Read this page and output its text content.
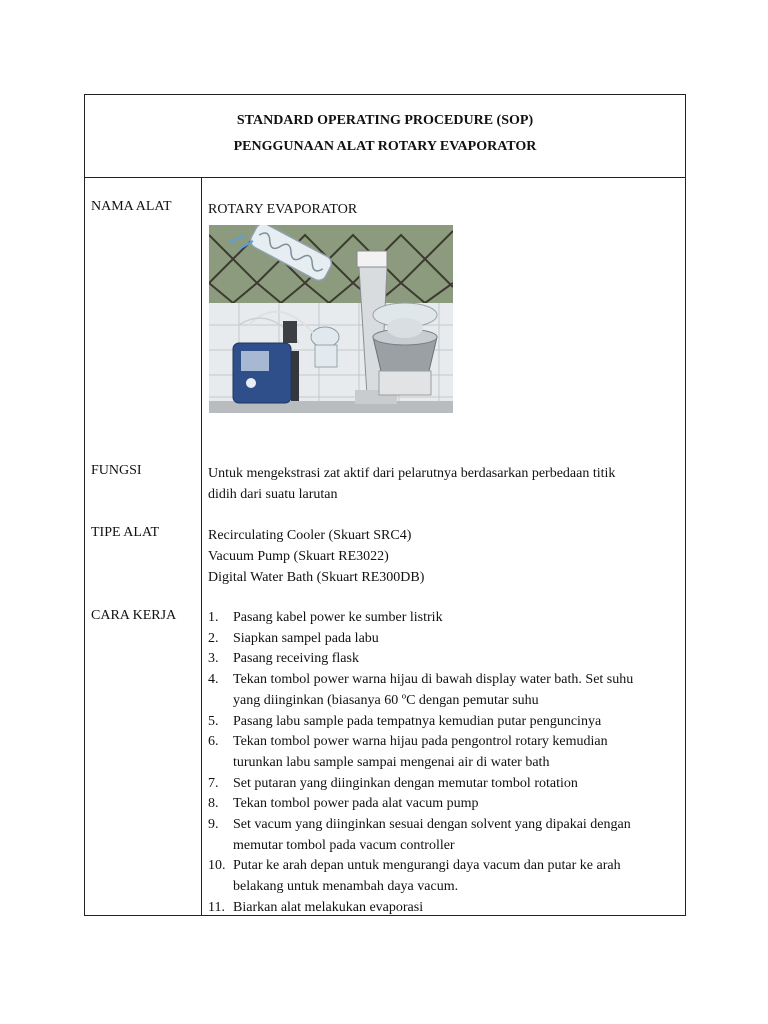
STANDARD OPERATING PROCEDURE (SOP)
PENGGUNAAN ALAT ROTARY EVAPORATOR
NAMA ALAT	ROTARY EVAPORATOR
FUNGSI	Untuk mengekstrasi zat aktif dari pelarutnya berdasarkan perbedaan titik
didih dari suatu larutan
TIPE ALAT	Recirculating Cooler (Skuart SRC4)
Vacuum Pump (Skuart RE3022)
Digital Water Bath (Skuart RE300DB)
CARA KERJA 1. Pasang kabel power ke sumber listrik
2. Siapkan sampel pada labu
3. Pasang receiving flask
4. Tekan tombol power warna hijau di bawah display water bath. Set suhu
yang diinginkan (biasanya 60 ºC dengan pemutar suhu
5. Pasang labu sample pada tempatnya kemudian putar penguncinya
6. Tekan tombol power warna hijau pada pengontrol rotary kemudian
turunkan labu sample sampai mengenai air di water bath
7. Set putaran yang diinginkan dengan memutar tombol rotation
8. Tekan tombol power pada alat vacum pump
9. Set vacum yang diinginkan sesuai dengan solvent yang dipakai dengan
memutar tombol pada vacum controller
10. Putar ke arah depan untuk mengurangi daya vacum dan putar ke arah
belakang untuk menambah daya vacum.
11. Biarkan alat melakukan evaporasi
